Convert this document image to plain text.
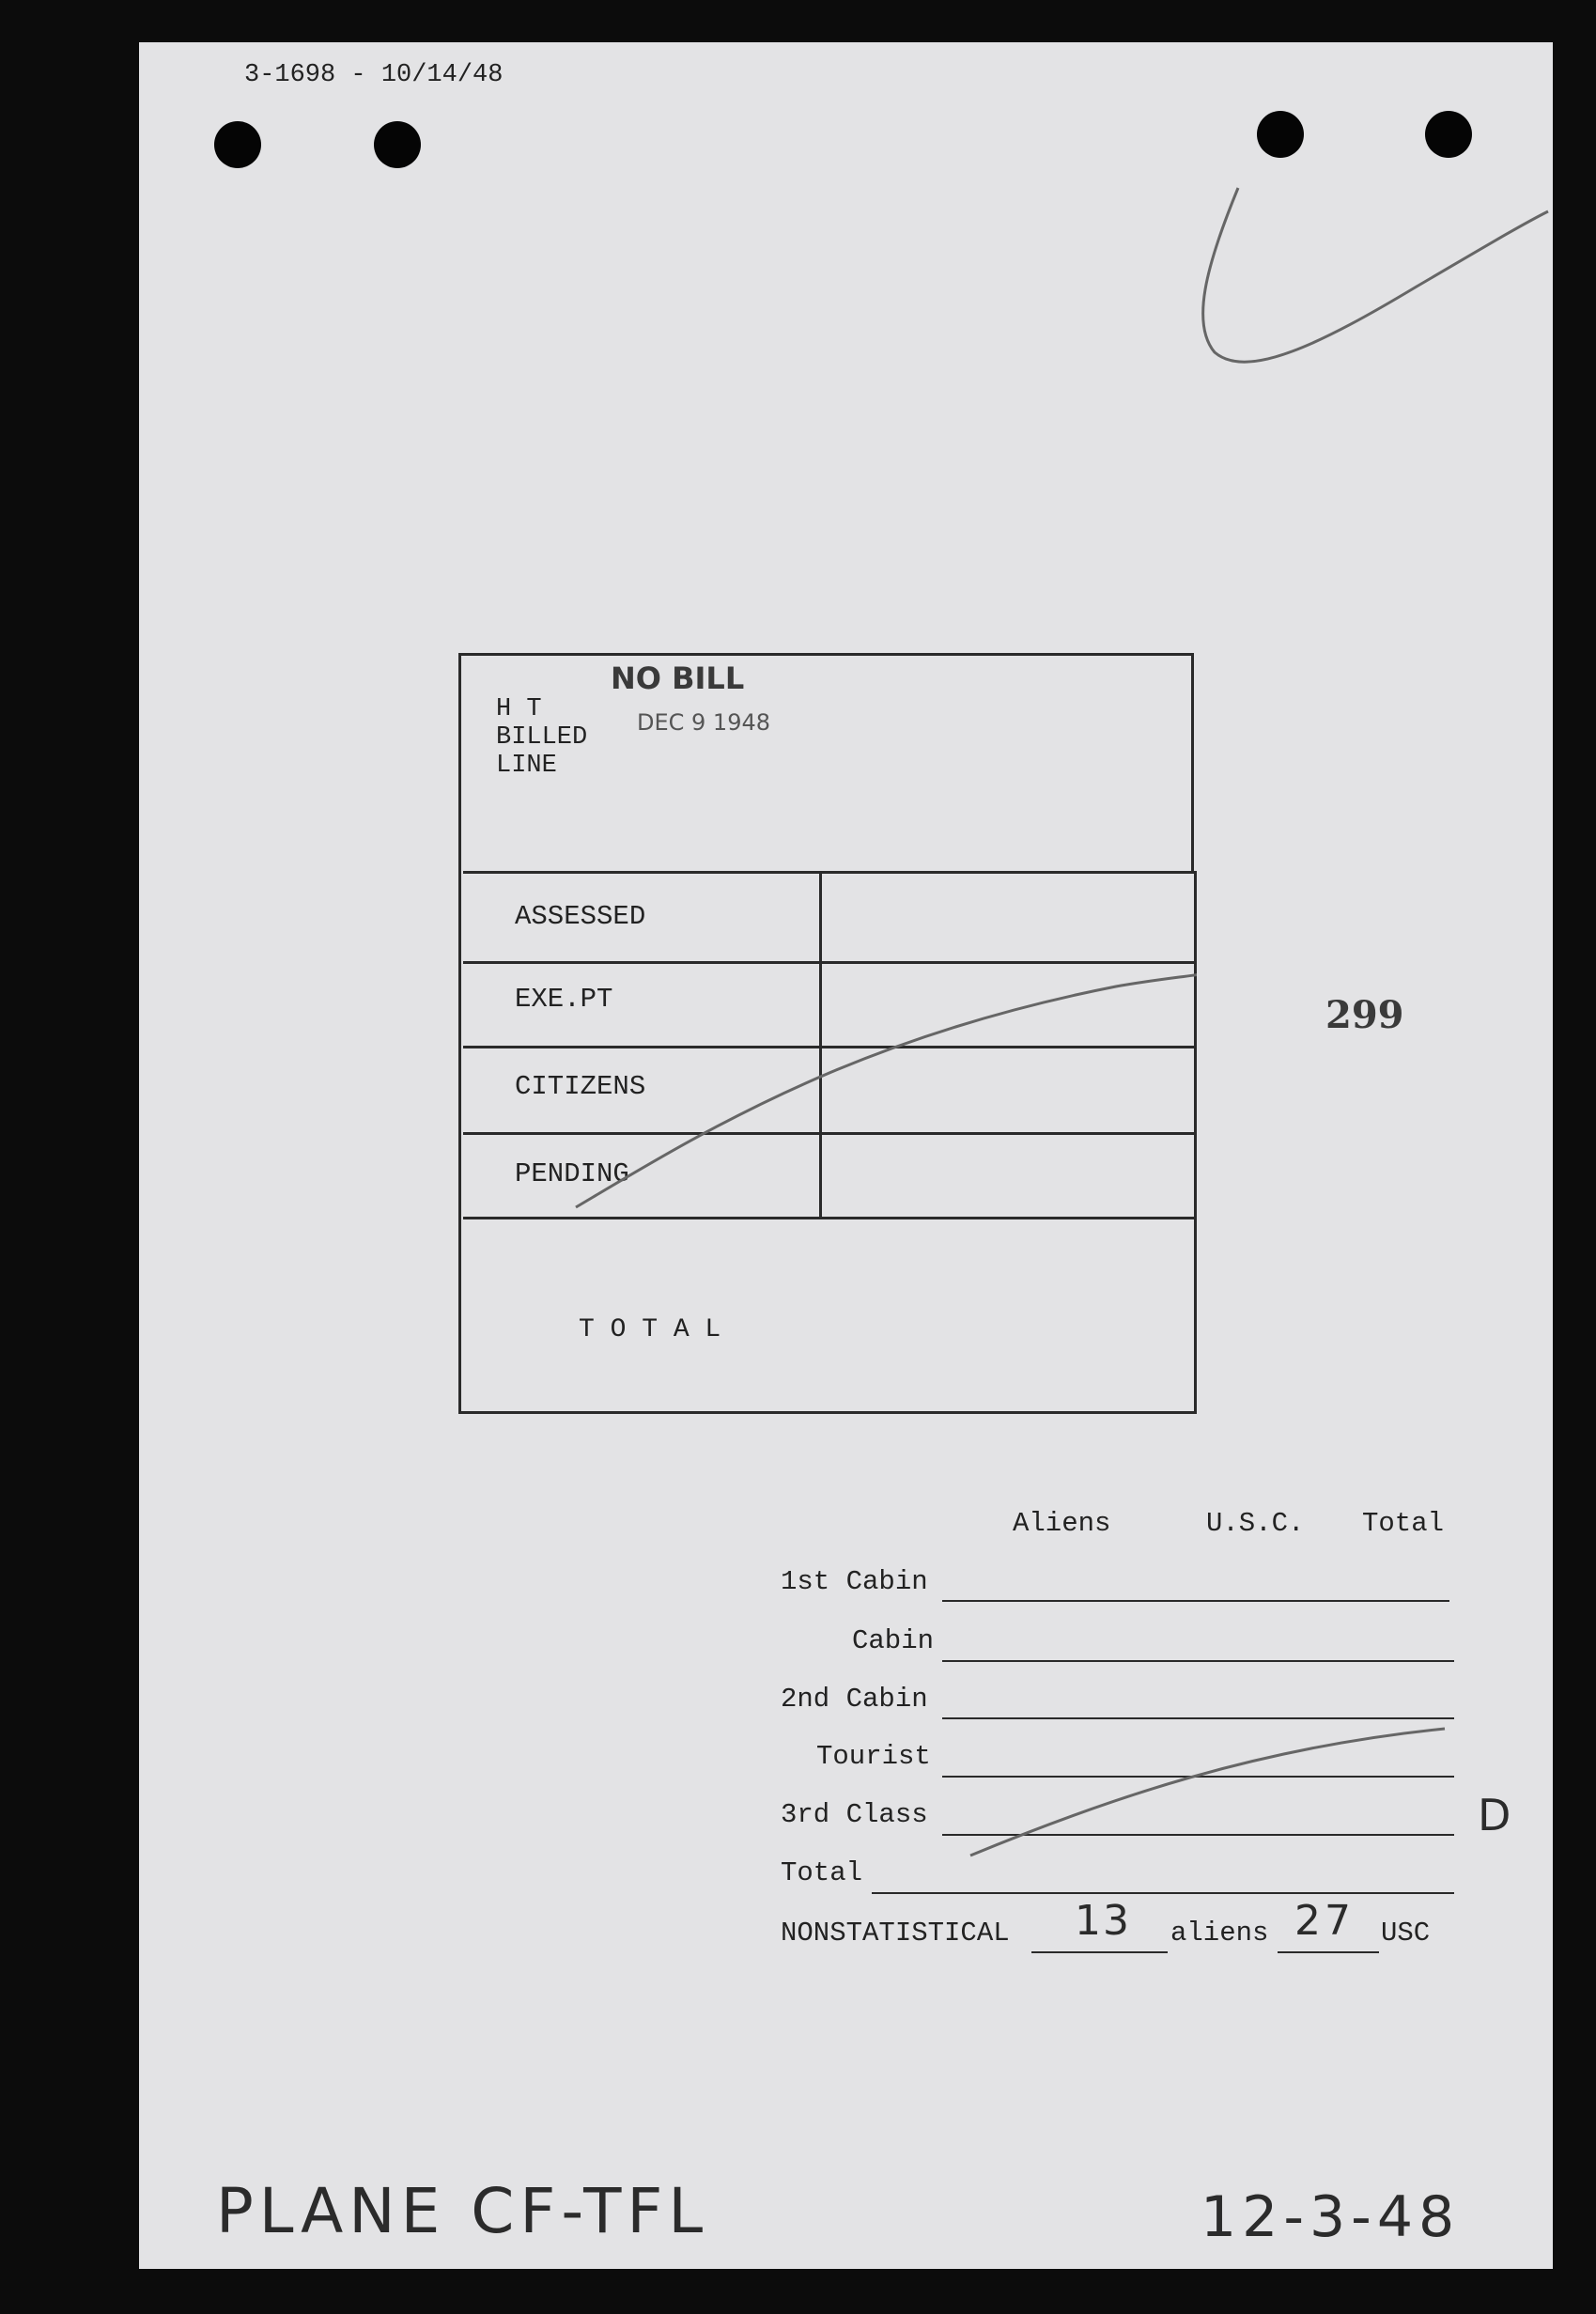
3-1698 - 10/14/48
H T
BILLED
LINE
NO BILL
DEC 9 1948
ASSESSED
EXE.PT
CITIZENS
PENDING
T O T A L
299
Aliens	U.S.C. Total
1st Cabin
Cabin
2nd Cabin
Tourist
3rd Class
Total
D
NONSTATISTICAL 13 aliens 27 USC
PLANE CF-TFL	12-3-48
